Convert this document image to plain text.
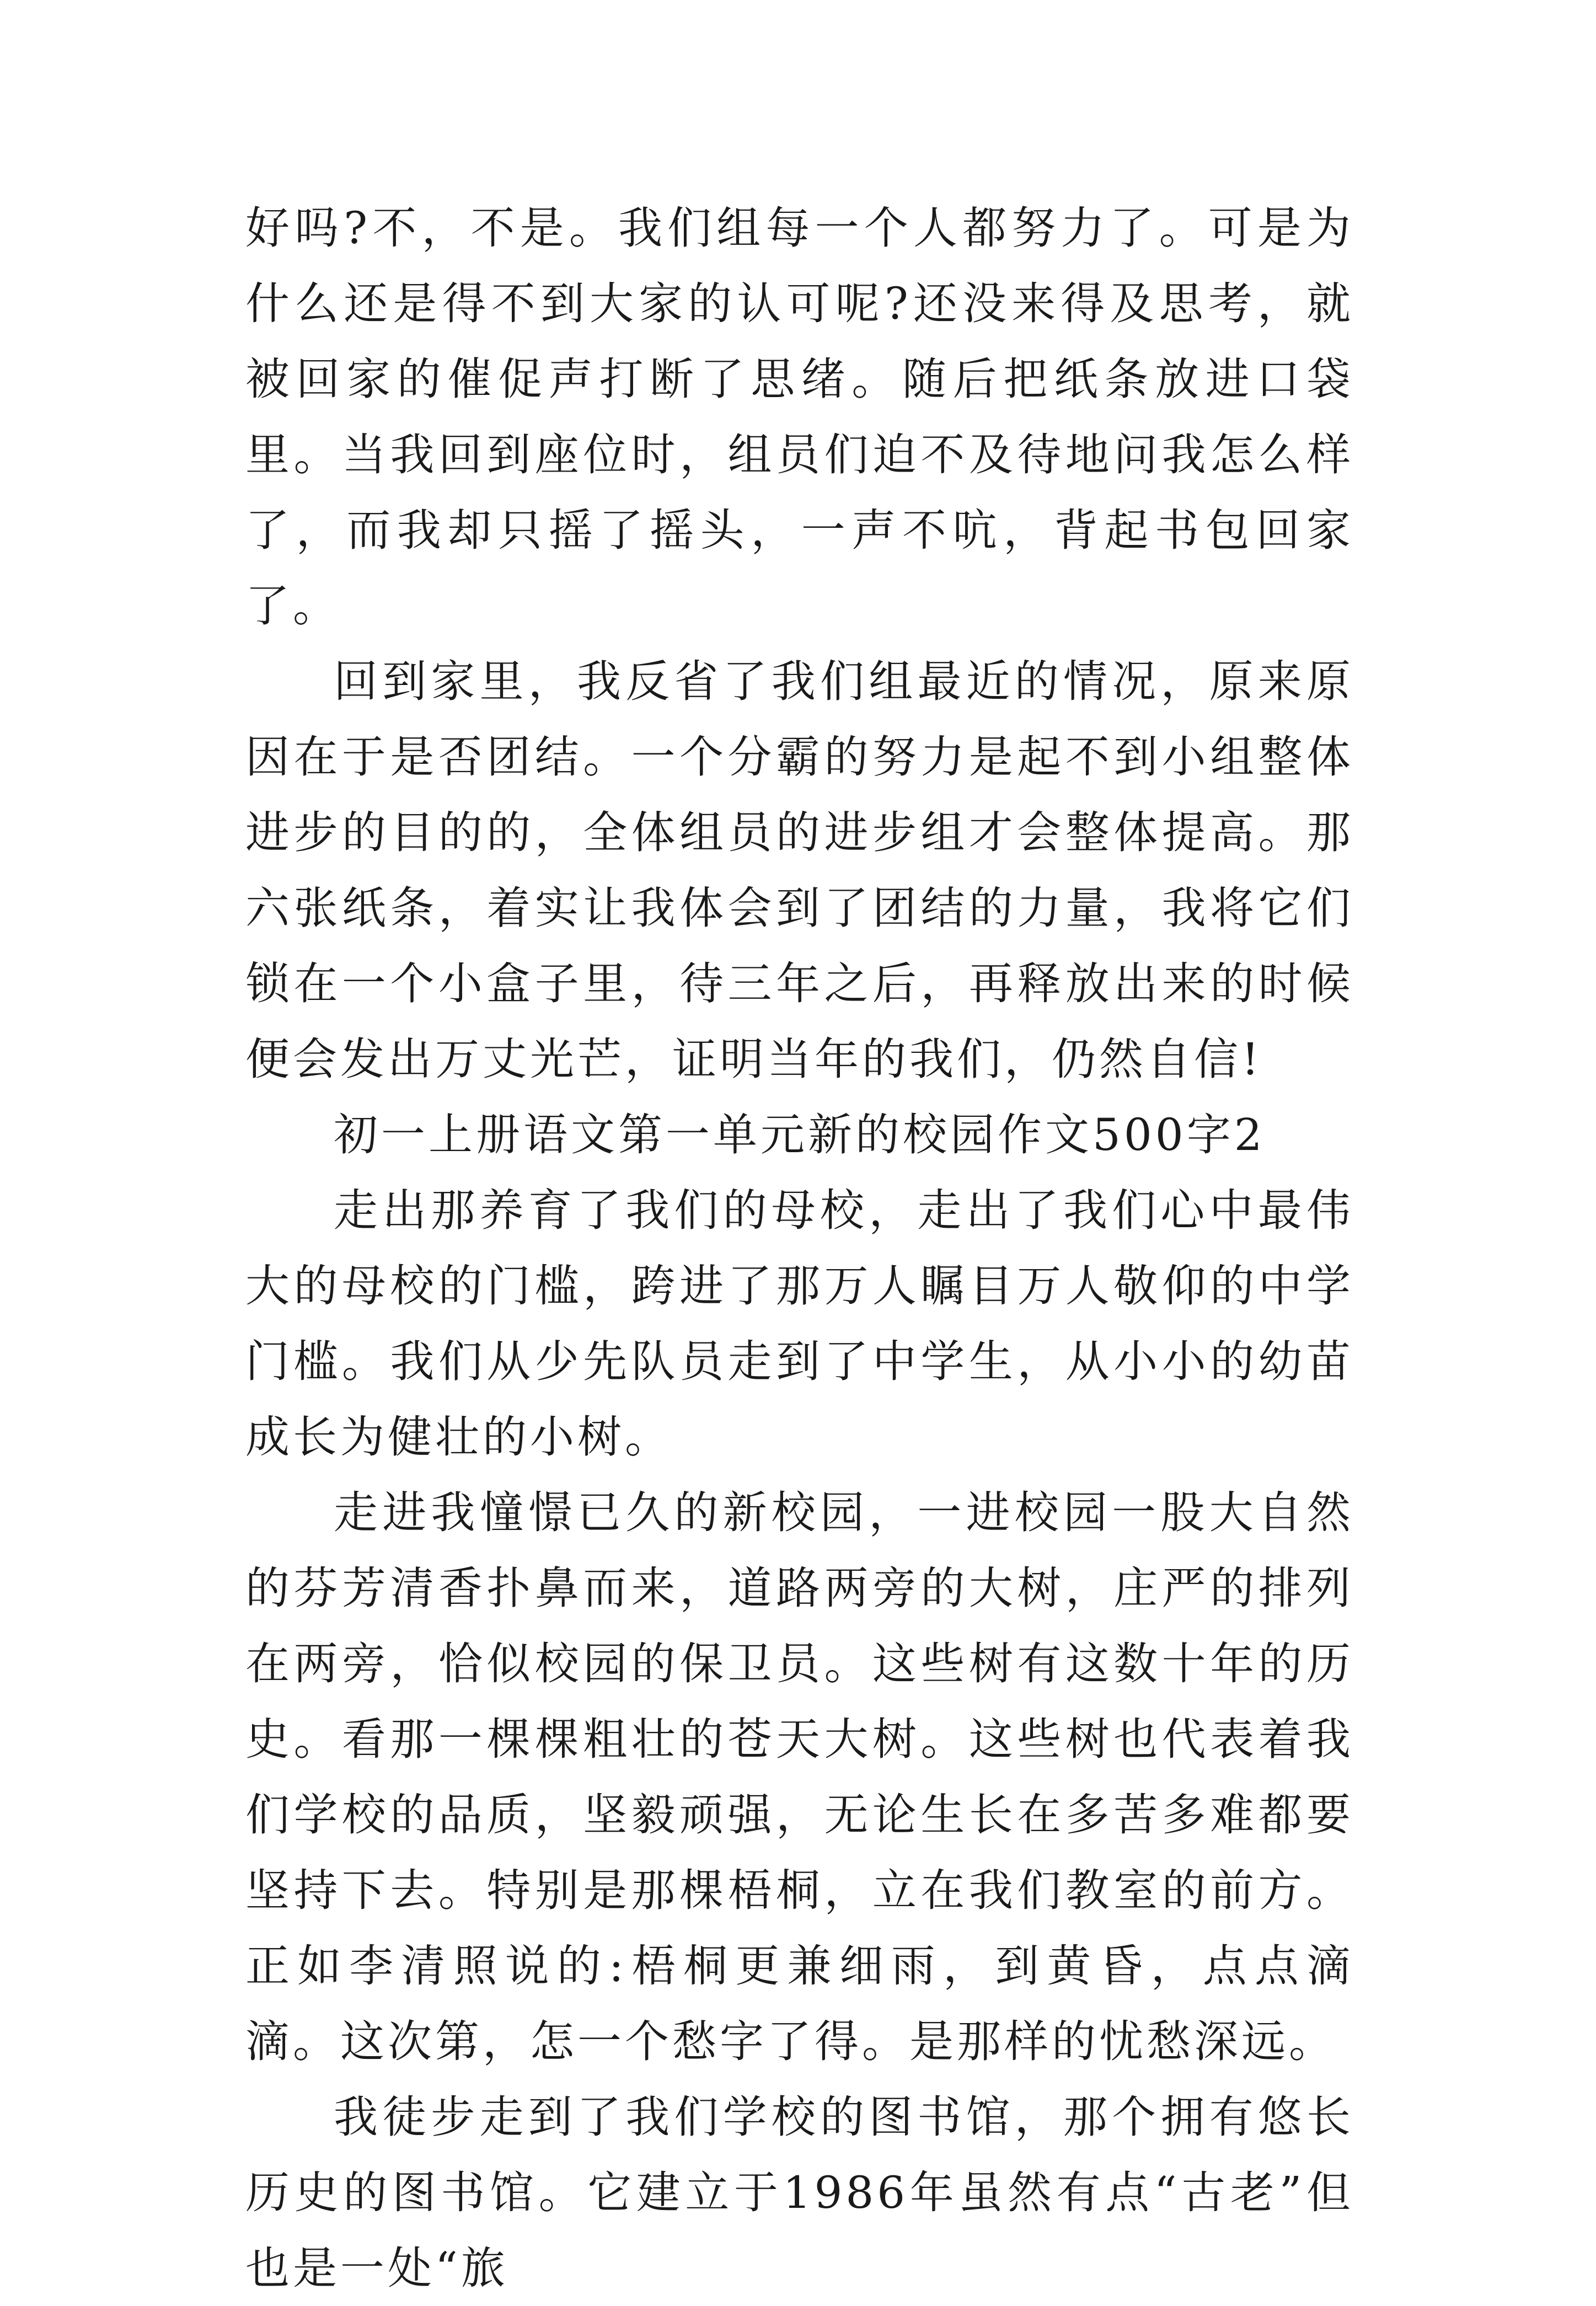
好吗?不，不是。我们组每一个人都努力了。可是为什么还是得不到大家的认可呢?还没来得及思考，就被回家的催促声打断了思绪。随后把纸条放进口袋里。当我回到座位时，组员们迫不及待地问我怎么样了，而我却只摇了摇头，一声不吭，背起书包回家了。

回到家里，我反省了我们组最近的情况，原来原因在于是否团结。一个分霸的努力是起不到小组整体进步的目的的，全体组员的进步组才会整体提高。那六张纸条，着实让我体会到了团结的力量，我将它们锁在一个小盒子里，待三年之后，再释放出来的时候便会发出万丈光芒，证明当年的我们，仍然自信!

初一上册语文第一单元新的校园作文500字2

走出那养育了我们的母校，走出了我们心中最伟大的母校的门槛，跨进了那万人瞩目万人敬仰的中学门槛。我们从少先队员走到了中学生，从小小的幼苗成长为健壮的小树。

走进我憧憬已久的新校园，一进校园一股大自然的芬芳清香扑鼻而来，道路两旁的大树，庄严的排列在两旁，恰似校园的保卫员。这些树有这数十年的历史。看那一棵棵粗壮的苍天大树。这些树也代表着我们学校的品质，坚毅顽强，无论生长在多苦多难都要坚持下去。特别是那棵梧桐，立在我们教室的前方。正如李清照说的:梧桐更兼细雨，到黄昏，点点滴滴。这次第，怎一个愁字了得。是那样的忧愁深远。

我徒步走到了我们学校的图书馆，那个拥有悠长历史的图书馆。它建立于1986年虽然有点“古老”但也是一处“旅
